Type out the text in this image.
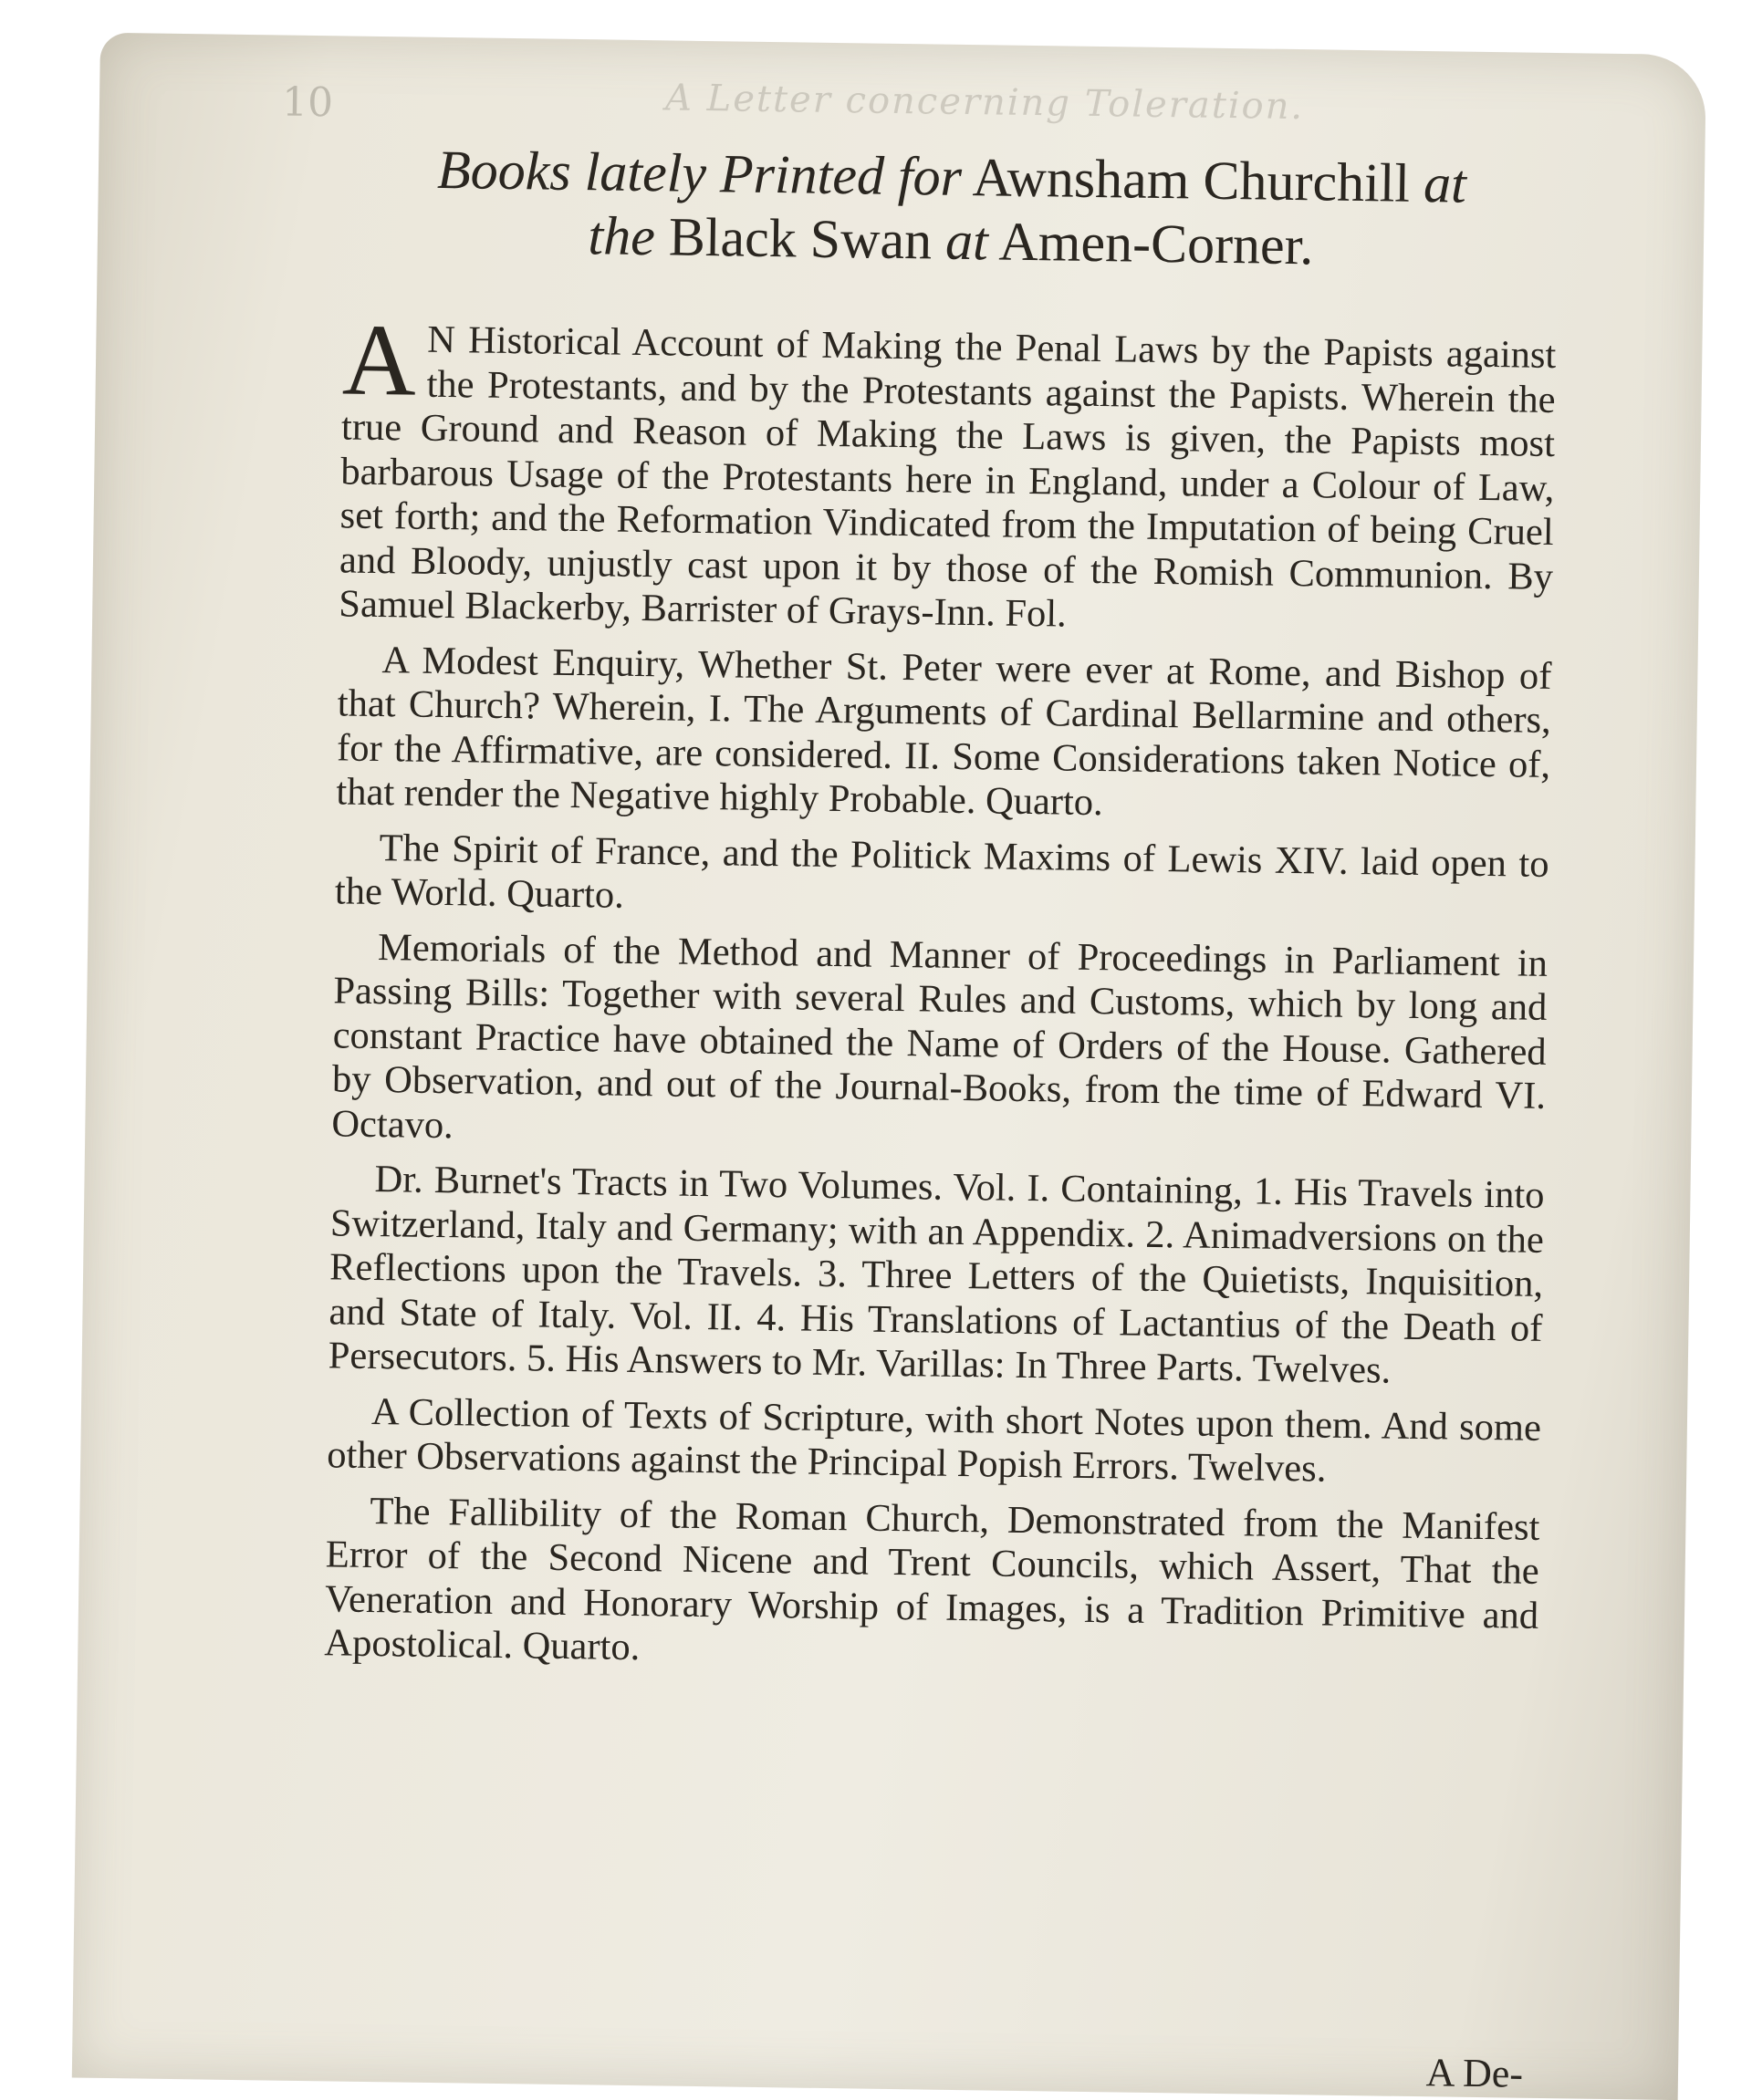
10	A Letter concerning Toleration.
Books lately Printed for Awnsham Churchill at
the Black Swan at Amen-Corner.

A N Historical Account of Making the Penal Laws by the Papists against the Protestants, and by the Protestants against the Papists. Wherein the true Ground and Reason of Making the Laws is given, the Papists most barbarous Usage of the Protestants here in England, under a Colour of Law, set forth; and the Reformation Vindicated from the Imputation of being Cruel and Bloody, unjustly cast upon it by those of the Romish Communion. By Samuel Blackerby, Barrister of Grays-Inn. Fol.

A Modest Enquiry, Whether St. Peter were ever at Rome, and Bishop of that Church? Wherein, I. The Arguments of Cardinal Bellarmine and others, for the Affirmative, are considered. II. Some Considerations taken Notice of, that render the Negative highly Probable. Quarto.

The Spirit of France, and the Politick Maxims of Lewis XIV. laid open to the World. Quarto.

Memorials of the Method and Manner of Proceedings in Parliament in Passing Bills: Together with several Rules and Customs, which by long and constant Practice have obtained the Name of Orders of the House. Gathered by Observation, and out of the Journal-Books, from the time of Edward VI. Octavo.

Dr. Burnet's Tracts in Two Volumes. Vol. I. Containing, 1. His Travels into Switzerland, Italy and Germany; with an Appendix. 2. Animadversions on the Reflections upon the Travels. 3. Three Letters of the Quietists, Inquisition, and State of Italy. Vol. II. 4. His Translations of Lactantius of the Death of Persecutors. 5. His Answers to Mr. Varillas: In Three Parts. Twelves.

A Collection of Texts of Scripture, with short Notes upon them. And some other Observations against the Principal Popish Errors. Twelves.

The Fallibility of the Roman Church, Demonstrated from the Manifest Error of the Second Nicene and Trent Councils, which Assert, That the Veneration and Honorary Worship of Images, is a Tradition Primitive and Apostolical. Quarto.

A De-
